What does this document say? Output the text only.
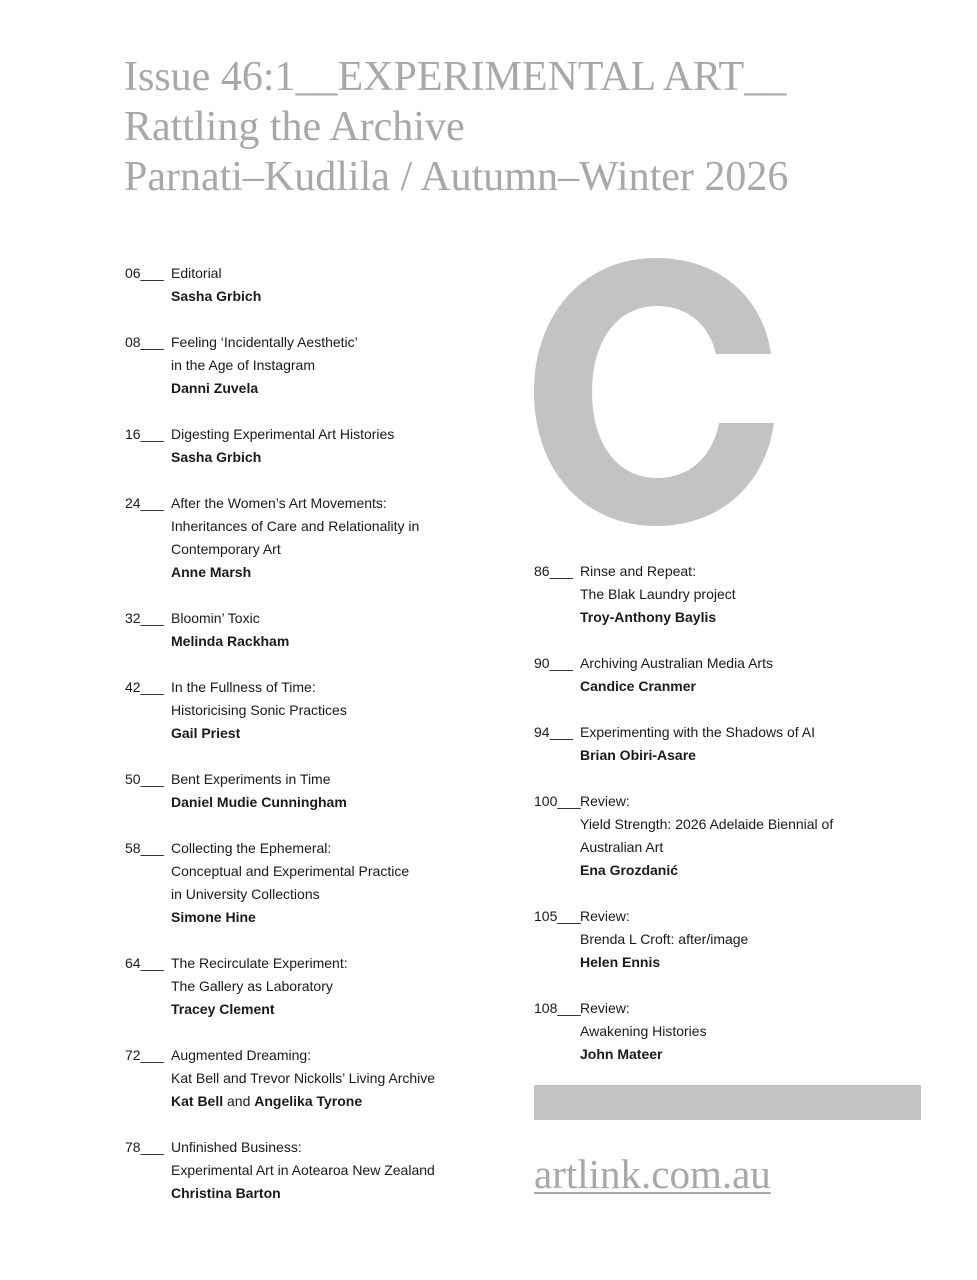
Issue 46:1__EXPERIMENTAL ART__
Rattling the Archive
Parnati–Kudlila / Autumn–Winter 2026
06___ Editorial
Sasha Grbich
08___ Feeling ‘Incidentally Aesthetic’
in the Age of Instagram
Danni Zuvela
16___ Digesting Experimental Art Histories
Sasha Grbich
24___ After the Women’s Art Movements:
Inheritances of Care and Relationality in
Contemporary Art
Anne Marsh
32___ Bloomin’ Toxic
Melinda Rackham
42___ In the Fullness of Time:
Historicising Sonic Practices
Gail Priest
50___ Bent Experiments in Time
Daniel Mudie Cunningham
58___ Collecting the Ephemeral:
Conceptual and Experimental Practice
in University Collections
Simone Hine
64___ The Recirculate Experiment:
The Gallery as Laboratory
Tracey Clement
72___ Augmented Dreaming:
Kat Bell and Trevor Nickolls’ Living Archive
Kat Bell and Angelika Tyrone
78___ Unfinished Business:
Experimental Art in Aotearoa New Zealand
Christina Barton
86___ Rinse and Repeat:
The Blak Laundry project
Troy-Anthony Baylis
90___ Archiving Australian Media Arts
Candice Cranmer
94___ Experimenting with the Shadows of AI
Brian Obiri-Asare
100___ Review:
Yield Strength: 2026 Adelaide Biennial of
Australian Art
Ena Grozdanić
105___ Review:
Brenda L Croft: after/image
Helen Ennis
108___ Review:
Awakening Histories
John Mateer
artlink.com.au
